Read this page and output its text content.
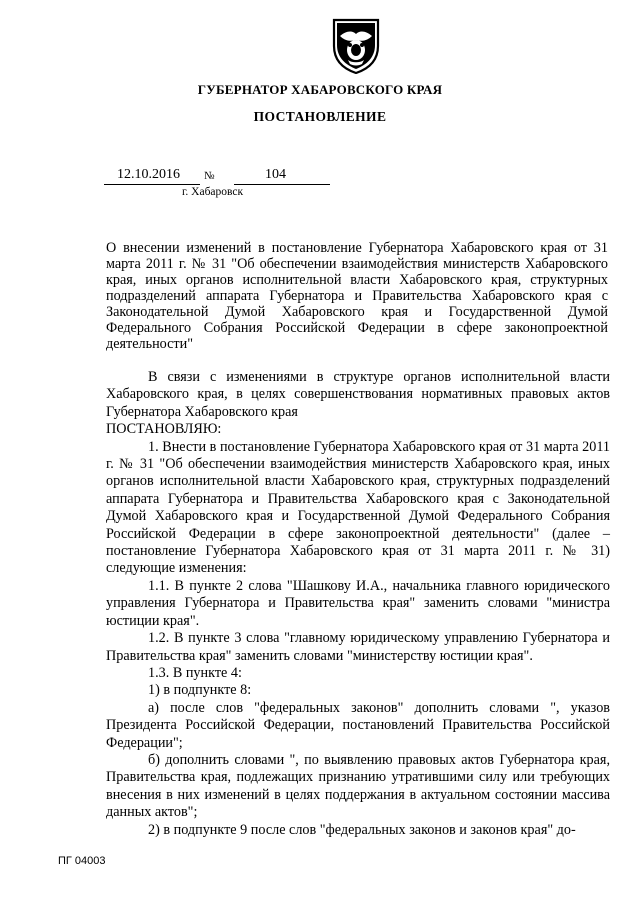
ГУБЕРНАТОР ХАБАРОВСКОГО КРАЯ
ПОСТАНОВЛЕНИЕ
12.10.2016 №	104
г. Хабаровск
О внесении изменений в постановление Губернатора Хабаровского края от 31 марта 2011 г. № 31 "Об обеспечении взаимодействия министерств Хабаровского края, иных органов исполнительной власти Хабаровского края, структурных подразделений аппарата Губернатора и Правительства Хабаровского края с Законодательной Думой Хабаровского края и Государственной Думой Федерального Собрания Российской Федерации в сфере законопроектной деятельности"

В связи с изменениями в структуре органов исполнительной власти Хабаровского края, в целях совершенствования нормативных правовых актов Губернатора Хабаровского края

ПОСТАНОВЛЯЮ:

1. Внести в постановление Губернатора Хабаровского края от 31 марта 2011 г. № 31 "Об обеспечении взаимодействия министерств Хабаровского края, иных органов исполнительной власти Хабаровского края, структурных подразделений аппарата Губернатора и Правительства Хабаровского края с Законодательной Думой Хабаровского края и Государственной Думой Федерального Собрания Российской Федерации в сфере законопроектной деятельности" (далее – постановление Губернатора Хабаровского края от 31 марта 2011 г. № 31) следующие изменения:

1.1. В пункте 2 слова "Шашкову И.А., начальника главного юридического управления Губернатора и Правительства края" заменить словами "министра юстиции края".

1.2. В пункте 3 слова "главному юридическому управлению Губернатора и Правительства края" заменить словами "министерству юстиции края".

1.3. В пункте 4:

1) в подпункте 8:

а) после слов "федеральных законов" дополнить словами ", указов Президента Российской Федерации, постановлений Правительства Российской Федерации";

б) дополнить словами ", по выявлению правовых актов Губернатора края, Правительства края, подлежащих признанию утратившими силу или требующих внесения в них изменений в целях поддержания в актуальном состоянии массива данных актов";

2) в подпункте 9 после слов "федеральных законов и законов края" до-

ПГ 04003
